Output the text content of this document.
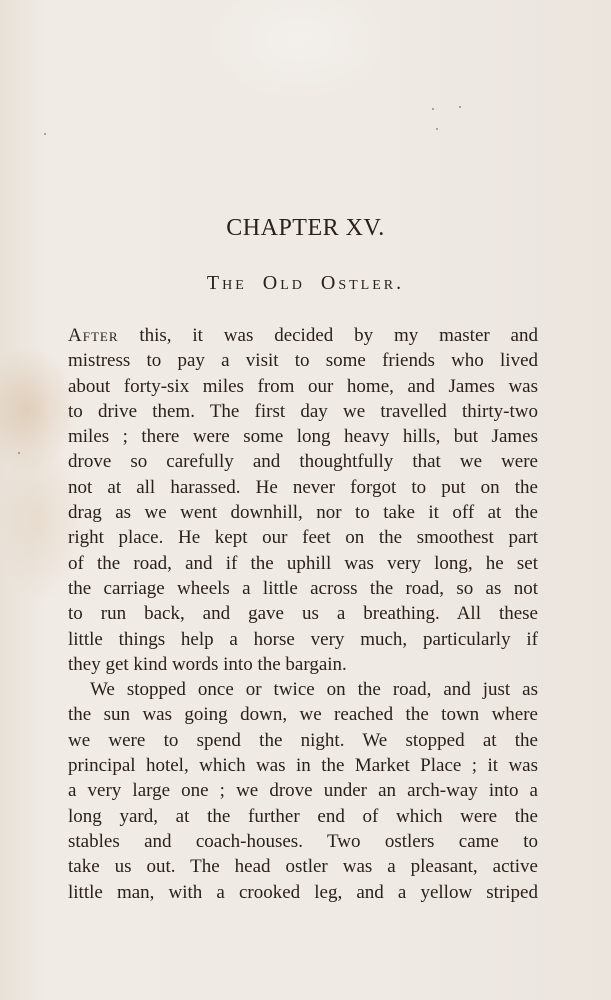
CHAPTER XV.
The Old Ostler.
After this, it was decided by my master and
mistress to pay a visit to some friends who lived
about forty-six miles from our home, and James was
to drive them. The first day we travelled thirty-two
miles ; there were some long heavy hills, but James
drove so carefully and thoughtfully that we were
not at all harassed. He never forgot to put on the
drag as we went downhill, nor to take it off at the
right place. He kept our feet on the smoothest part
of the road, and if the uphill was very long, he set
the carriage wheels a little across the road, so as not
to run back, and gave us a breathing. All these
little things help a horse very much, particularly if
they get kind words into the bargain.
We stopped once or twice on the road, and just as
the sun was going down, we reached the town where
we were to spend the night. We stopped at the
principal hotel, which was in the Market Place ; it was
a very large one ; we drove under an arch-way into a
long yard, at the further end of which were the
stables and coach-houses. Two ostlers came to
take us out. The head ostler was a pleasant, active
little man, with a crooked leg, and a yellow striped
